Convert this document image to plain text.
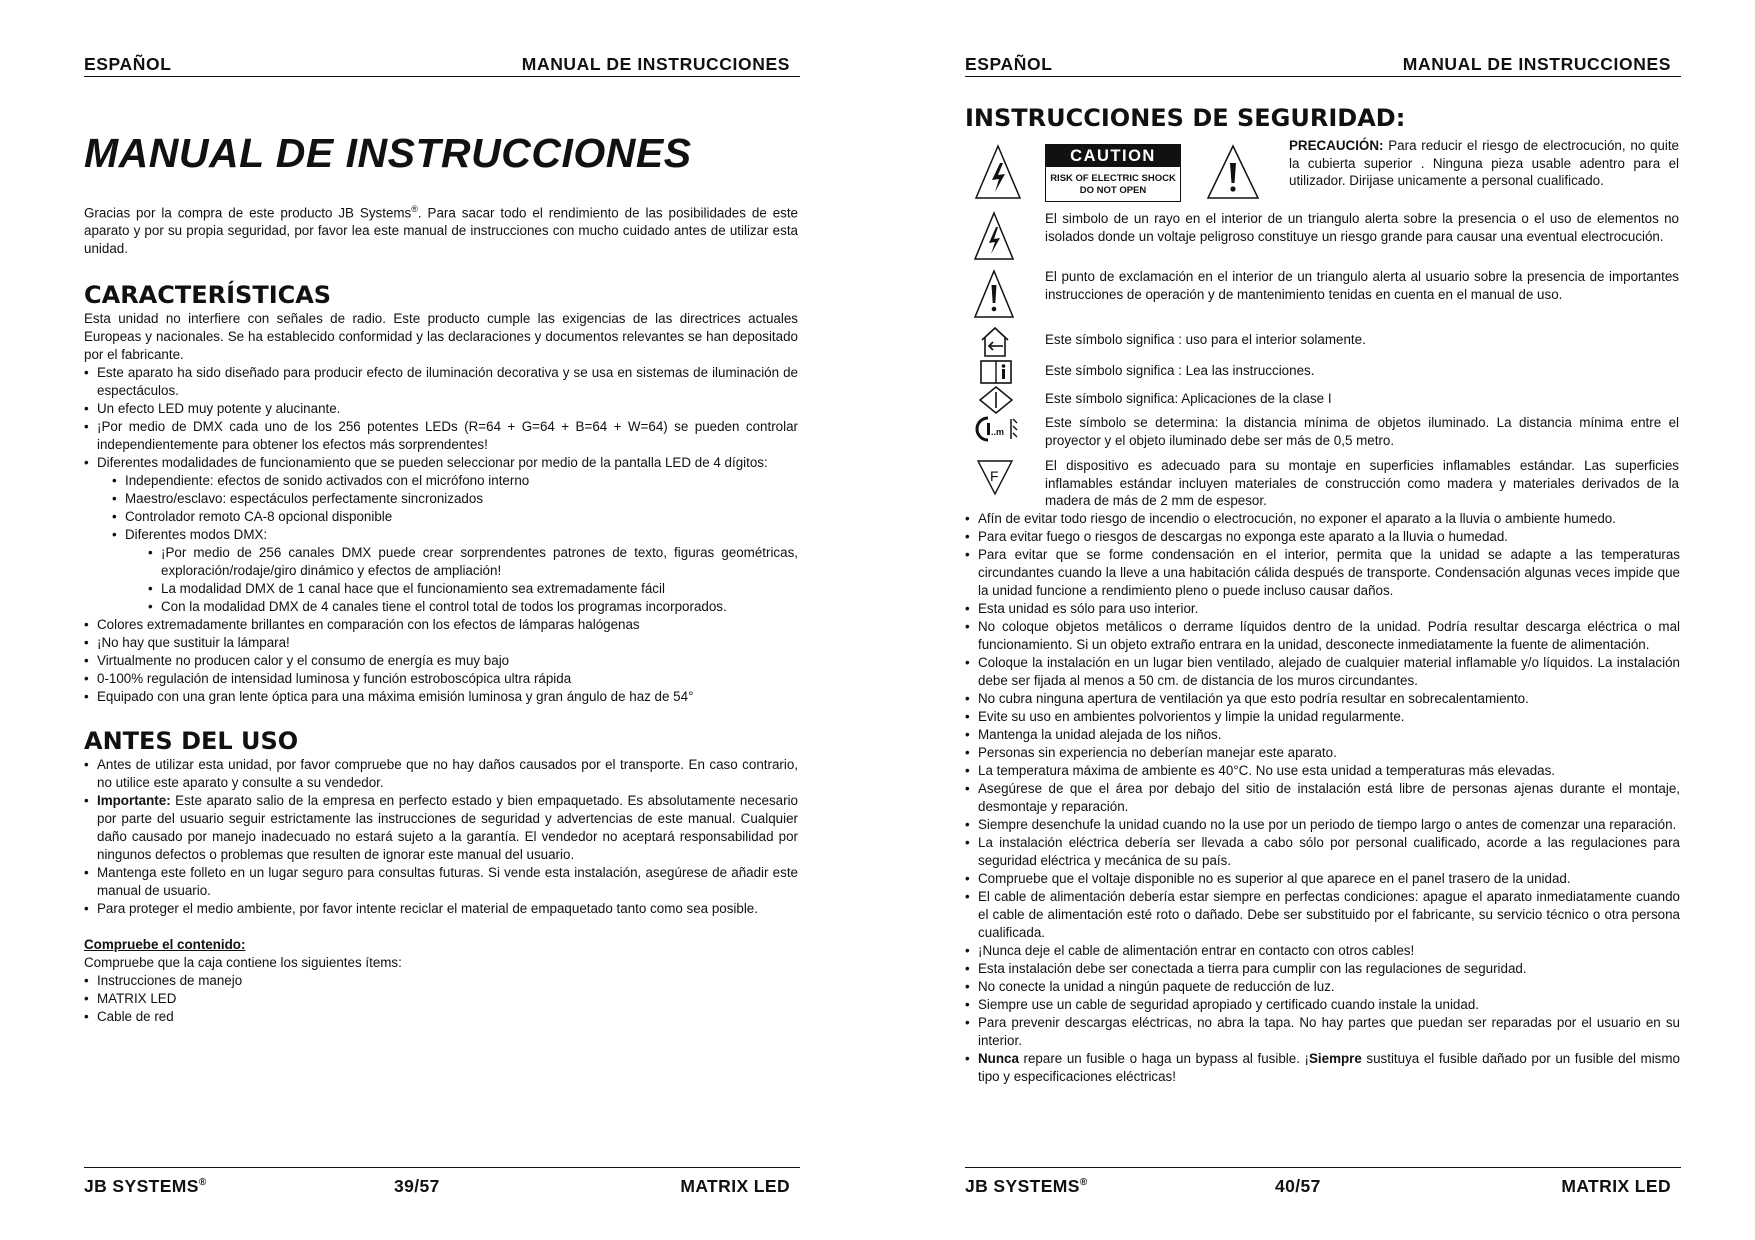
ESPAÑOL	MANUAL DE INSTRUCCIONES

MANUAL DE INSTRUCCIONES

Gracias por la compra de este producto JB Systems®. Para sacar todo el rendimiento de las posibilidades de este aparato y por su propia seguridad, por favor lea este manual de instrucciones con mucho cuidado antes de utilizar esta unidad.

CARACTERÍSTICAS

Esta unidad no interfiere con señales de radio. Este producto cumple las exigencias de las directrices actuales Europeas y nacionales. Se ha establecido conformidad y las declaraciones y documentos relevantes se han depositado por el fabricante.

• Este aparato ha sido diseñado para producir efecto de iluminación decorativa y se usa en sistemas de iluminación de espectáculos.
• Un efecto LED muy potente y alucinante.
• ¡Por medio de DMX cada uno de los 256 potentes LEDs (R=64 + G=64 + B=64 + W=64) se pueden controlar independientemente para obtener los efectos más sorprendentes!
• Diferentes modalidades de funcionamiento que se pueden seleccionar por medio de la pantalla LED de 4 dígitos:
• Independiente: efectos de sonido activados con el micrófono interno
• Maestro/esclavo: espectáculos perfectamente sincronizados
• Controlador remoto CA-8 opcional disponible
• Diferentes modos DMX:
• ¡Por medio de 256 canales DMX puede crear sorprendentes patrones de texto, figuras geométricas, exploración/rodaje/giro dinámico y efectos de ampliación!
• La modalidad DMX de 1 canal hace que el funcionamiento sea extremadamente fácil
• Con la modalidad DMX de 4 canales tiene el control total de todos los programas incorporados.
• Colores extremadamente brillantes en comparación con los efectos de lámparas halógenas
• ¡No hay que sustituir la lámpara!
• Virtualmente no producen calor y el consumo de energía es muy bajo
• 0-100% regulación de intensidad luminosa y función estroboscópica ultra rápida
• Equipado con una gran lente óptica para una máxima emisión luminosa y gran ángulo de haz de 54°
ANTES DEL USO
• Antes de utilizar esta unidad, por favor compruebe que no hay daños causados por el transporte. En caso contrario, no utilice este aparato y consulte a su vendedor.
• Importante: Este aparato salio de la empresa en perfecto estado y bien empaquetado. Es absolutamente necesario por parte del usuario seguir estrictamente las instrucciones de seguridad y advertencias de este manual. Cualquier daño causado por manejo inadecuado no estará sujeto a la garantía. El vendedor no aceptará responsabilidad por ningunos defectos o problemas que resulten de ignorar este manual del usuario.
• Mantenga este folleto en un lugar seguro para consultas futuras. Si vende esta instalación, asegúrese de añadir este manual de usuario.
• Para proteger el medio ambiente, por favor intente reciclar el material de empaquetado tanto como sea posible.

Compruebe el contenido:

Compruebe que la caja contiene los siguientes ítems:

• Instrucciones de manejo
• MATRIX LED
• Cable de red
JB SYSTEMS®	39/57	MATRIX LED
ESPAÑOL	MANUAL DE INSTRUCCIONES
INSTRUCCIONES DE SEGURIDAD:
CAUTION
RISK OF ELECTRIC SHOCK
DO NOT OPEN

PRECAUCIÓN: Para reducir el riesgo de electrocución, no quite la cubierta superior . Ninguna pieza usable adentro para el utilizador. Dirijase unicamente a personal cualificado.

El simbolo de un rayo en el interior de un triangulo alerta sobre la presencia o el uso de elementos no isolados donde un voltaje peligroso constituye un riesgo grande para causar una eventual electrocución.

El punto de exclamación en el interior de un triangulo alerta al usuario sobre la presencia de importantes instrucciones de operación y de mantenimiento tenidas en cuenta en el manual de uso.

Este símbolo significa : uso para el interior solamente.

Este símbolo significa : Lea las instrucciones.

Este símbolo significa: Aplicaciones de la clase I

..m

Este símbolo se determina: la distancia mínima de objetos iluminado. La distancia mínima entre el proyector y el objeto iluminado debe ser más de 0,5 metro.

F

El dispositivo es adecuado para su montaje en superficies inflamables estándar. Las superficies inflamables estándar incluyen materiales de construcción como madera y materiales derivados de la madera de más de 2 mm de espesor.

• Afín de evitar todo riesgo de incendio o electrocución, no exponer el aparato a la lluvia o ambiente humedo.
• Para evitar fuego o riesgos de descargas no exponga este aparato a la lluvia o humedad.
• Para evitar que se forme condensación en el interior, permita que la unidad se adapte a las temperaturas circundantes cuando la lleve a una habitación cálida después de transporte. Condensación algunas veces impide que la unidad funcione a rendimiento pleno o puede incluso causar daños.
• Esta unidad es sólo para uso interior.
• No coloque objetos metálicos o derrame líquidos dentro de la unidad. Podría resultar descarga eléctrica o mal funcionamiento. Si un objeto extraño entrara en la unidad, desconecte inmediatamente la fuente de alimentación.
• Coloque la instalación en un lugar bien ventilado, alejado de cualquier material inflamable y/o líquidos. La instalación debe ser fijada al menos a 50 cm. de distancia de los muros circundantes.
• No cubra ninguna apertura de ventilación ya que esto podría resultar en sobrecalentamiento.
• Evite su uso en ambientes polvorientos y limpie la unidad regularmente.
• Mantenga la unidad alejada de los niños.
• Personas sin experiencia no deberían manejar este aparato.
• La temperatura máxima de ambiente es 40°C. No use esta unidad a temperaturas más elevadas.
• Asegúrese de que el área por debajo del sitio de instalación está libre de personas ajenas durante el montaje, desmontaje y reparación.
• Siempre desenchufe la unidad cuando no la use por un periodo de tiempo largo o antes de comenzar una reparación.
• La instalación eléctrica debería ser llevada a cabo sólo por personal cualificado, acorde a las regulaciones para seguridad eléctrica y mecánica de su país.
• Compruebe que el voltaje disponible no es superior al que aparece en el panel trasero de la unidad.
• El cable de alimentación debería estar siempre en perfectas condiciones: apague el aparato inmediatamente cuando el cable de alimentación esté roto o dañado. Debe ser substituido por el fabricante, su servicio técnico o otra persona cualificada.
• ¡Nunca deje el cable de alimentación entrar en contacto con otros cables!
• Esta instalación debe ser conectada a tierra para cumplir con las regulaciones de seguridad.
• No conecte la unidad a ningún paquete de reducción de luz.
• Siempre use un cable de seguridad apropiado y certificado cuando instale la unidad.
• Para prevenir descargas eléctricas, no abra la tapa. No hay partes que puedan ser reparadas por el usuario en su interior.
• Nunca repare un fusible o haga un bypass al fusible. ¡Siempre sustituya el fusible dañado por un fusible del mismo tipo y especificaciones eléctricas!
JB SYSTEMS®	40/57	MATRIX LED
